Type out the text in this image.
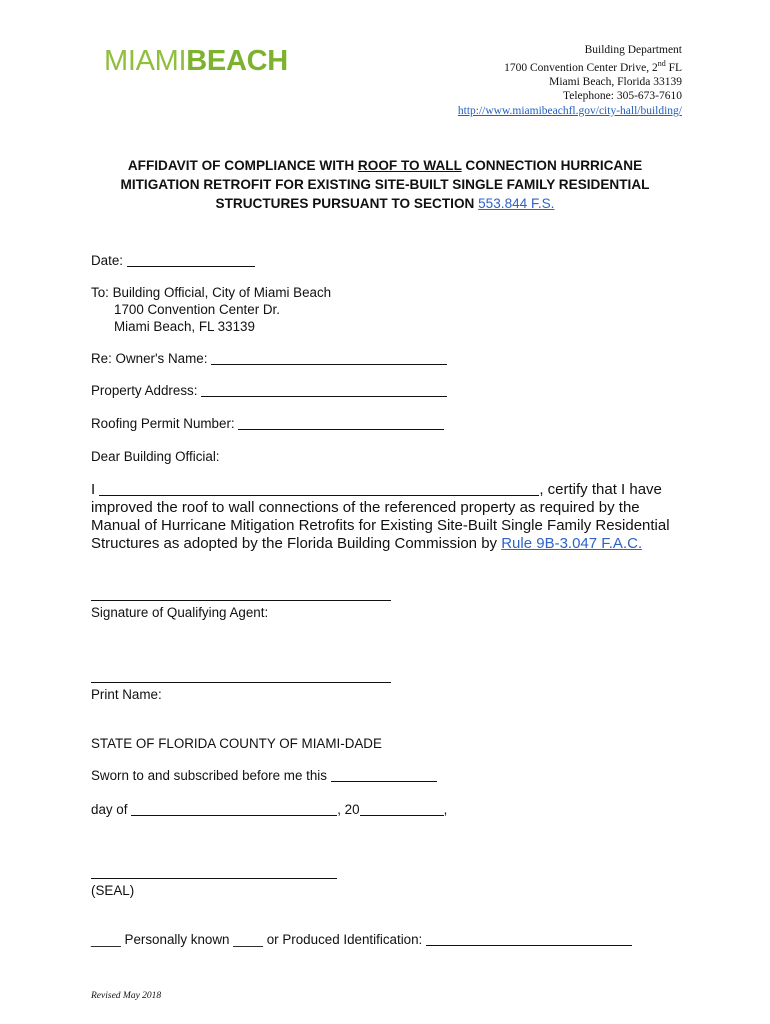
MIAMIBEACH	Building Department
1700 Convention Center Drive, 2nd FL
Miami Beach, Florida 33139
Telephone: 305-673-7610
http://www.miamibeachfl.gov/city-hall/building/
AFFIDAVIT OF COMPLIANCE WITH ROOF TO WALL CONNECTION HURRICANE
MITIGATION RETROFIT FOR EXISTING SITE-BUILT SINGLE FAMILY RESIDENTIAL
STRUCTURES PURSUANT TO SECTION 553.844 F.S.
Date:
To: Building Official, City of Miami Beach
1700 Convention Center Dr.
Miami Beach, FL 33139
Re: Owner's Name:
Property Address:
Roofing Permit Number:
Dear Building Official:
I	, certify that I have
improved the roof to wall connections of the referenced property as required by the
Manual of Hurricane Mitigation Retrofits for Existing Site-Built Single Family Residential
Structures as adopted by the Florida Building Commission by Rule 9B-3.047 F.A.C.
Signature of Qualifying Agent:
Print Name:
STATE OF FLORIDA COUNTY OF MIAMI-DADE
Sworn to and subscribed before me this
day of	, 20	,
(SEAL)
____ Personally known ____ or Produced Identification:
Revised May 2018
